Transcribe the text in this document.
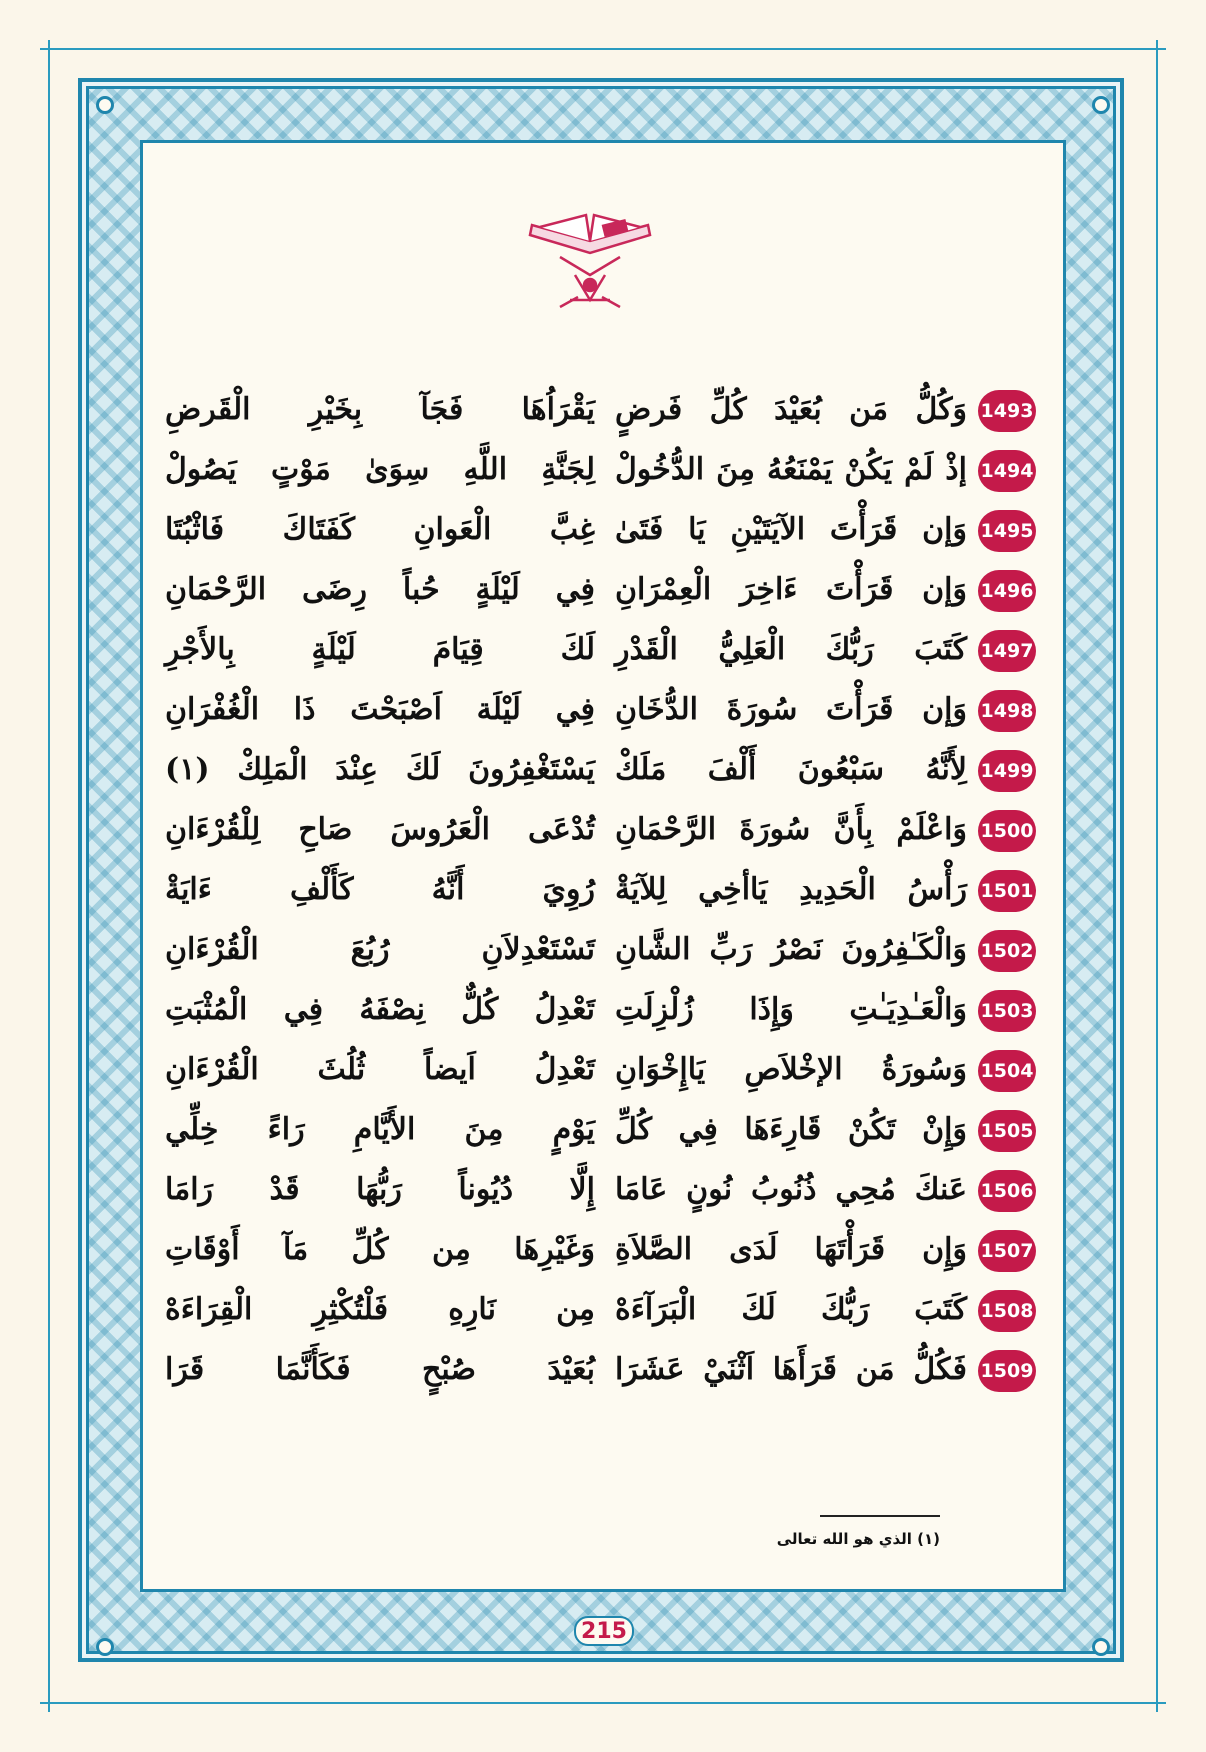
1493
وَكُلُّ مَن بُعَيْدَ كُلِّ فَرضٍ
يَقْرَاُهَا فَجَآ بِخَيْرِ الْقَرضِ
1494
إذْ لَمْ يَكُنْ يَمْنَعُهُ مِنَ الدُّخُولْ
لِجَنَّةِ اللَّهِ سِوَىٰ مَوْتٍ يَصُولْ
1495
وَإن قَرَأْتَ الآيَتَيْنِ يَا فَتَىٰ
غِبَّ الْعَوانِ كَفَتَاكَ فَاثْبُتَا
1496
وَإن قَرَأْتَ ءَاخِرَ الْعِمْرَانِ
فِي لَيْلَةٍ حُباً رِضَى الرَّحْمَانِ
1497
كَتَبَ رَبُّكَ الْعَلِيُّ الْقَدْرِ
لَكَ قِيَامَ لَيْلَةٍ بِالأَجْرِ
1498
وَإن قَرَأْتَ سُورَةَ الدُّخَانِ
فِي لَيْلَة اَصْبَحْتَ ذَا الْغُفْرَانِ
1499
لِأَنَّهُ سَبْعُونَ أَلْفَ مَلَكْ
يَسْتَغْفِرُونَ لَكَ عِنْدَ الْمَلِكْ (١)
1500
وَاعْلَمْ بِأَنَّ سُورَةَ الرَّحْمَانِ
تُدْعَى الْعَرُوسَ صَاحِ لِلْقُرْءَانِ
1501
رَأْسُ الْحَدِيدِ يَاأخِي لِلآيَةْ
رُوِيَ أَنَّهُ كَأَلْفِ ءَايَةْ
1502
وَالْكَـٰفِرُونَ نَصْرُ رَبِّ الشَّانِ
تَسْتَعْدِلاَنِ رُبُعَ الْقُرْءَانِ
1503
وَالْعَـٰدِيَـٰتِ وَإِذَا زُلْزِلَتِ
تَعْدِلُ كُلٌّ نِصْفَهُ فِي الْمُثْبَتِ
1504
وَسُورَةُ الإخْلاَصِ يَاإِخْوَانِ
تَعْدِلُ اَيضاً ثُلُثَ الْقُرْءَانِ
1505
وَإِنْ تَكُنْ قَارِءَهَا فِي كُلِّ
يَوْمٍ مِنَ الأَيَّامِ رَاءً خِلِّي
1506
عَنكَ مُحِي ذُنُوبُ نُونٍ عَامَا
إِلَّا دُيُوناً رَبُّهَا قَدْ رَامَا
1507
وَإِن قَرَأْتَهَا لَدَى الصَّلاَةِ
وَغَيْرِهَا مِن كُلِّ مَآ أَوْقَاتِ
1508
كَتَبَ رَبُّكَ لَكَ الْبَرَآءَهْ
مِن نَارِهِ فَلْتُكْثِرِ الْقِرَاءَهْ
1509
فَكُلُّ مَن قَرَأَهَا اَثْنَيْ عَشَرَا
بُعَيْدَ صُبْحٍ فَكَأَنَّمَا قَرَا
(١) الذي هو الله تعالى
215
